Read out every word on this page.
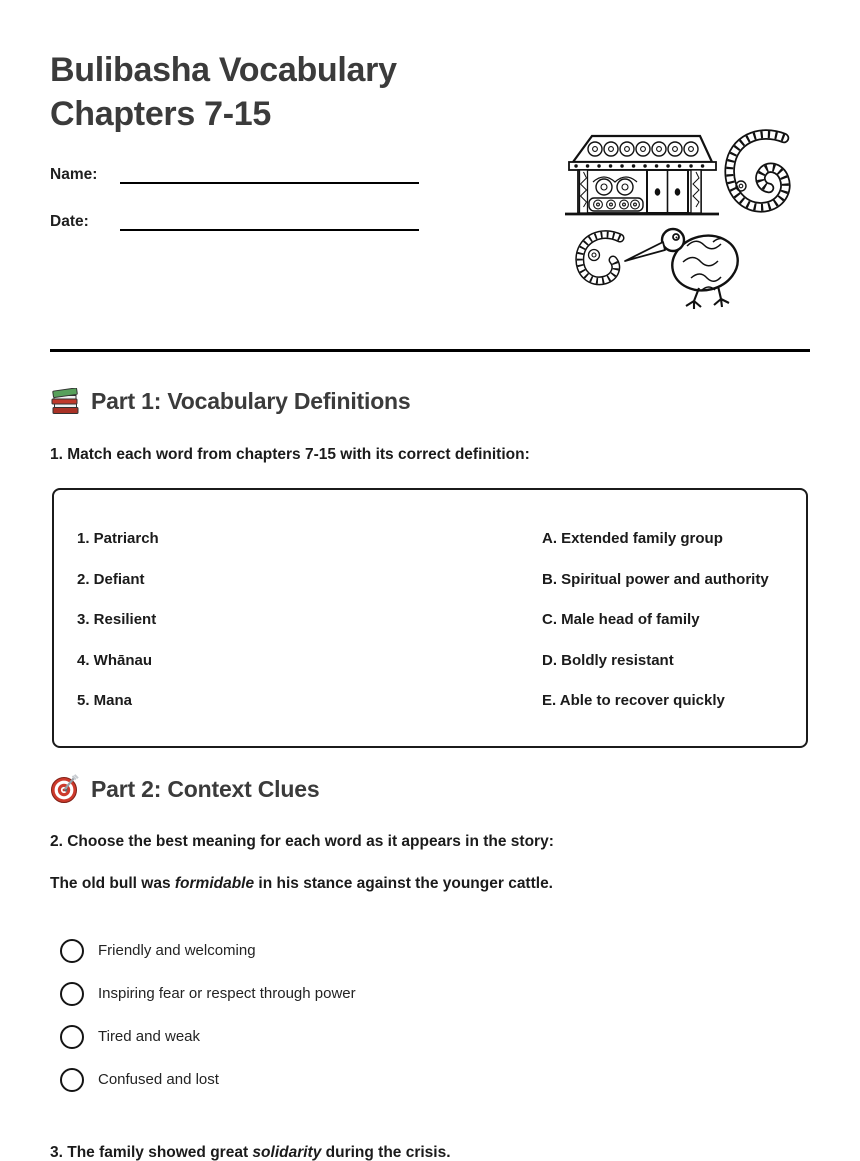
Bulibasha Vocabulary
Chapters 7-15
Name:
Date:
Part 1: Vocabulary Definitions
1. Match each word from chapters 7-15 with its correct definition:
1. Patriarch	A. Extended family group
2. Defiant	B. Spiritual power and authority
3. Resilient	C. Male head of family
4. Whānau	D. Boldly resistant
5. Mana	E. Able to recover quickly
Part 2: Context Clues
2. Choose the best meaning for each word as it appears in the story:
The old bull was formidable in his stance against the younger cattle.
Friendly and welcoming
Inspiring fear or respect through power
Tired and weak
Confused and lost
3. The family showed great solidarity during the crisis.
